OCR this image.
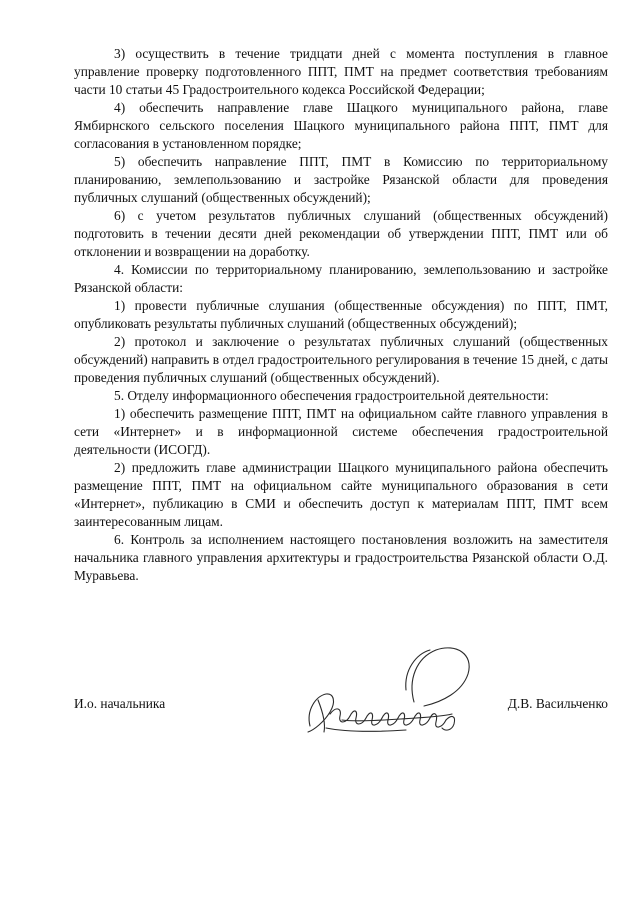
3) осуществить в течение тридцати дней с момента поступления в главное управление проверку подготовленного ППТ, ПМТ на предмет соответствия требованиям части 10 статьи 45 Градостроительного кодекса Российской Федерации;

4) обеспечить направление главе Шацкого муниципального района, главе Ямбирнского сельского поселения Шацкого муниципального района ППТ, ПМТ для согласования в установленном порядке;

5) обеспечить направление ППТ, ПМТ в Комиссию по территориальному планированию, землепользованию и застройке Рязанской области для проведения публичных слушаний (общественных обсуждений);

6) с учетом результатов публичных слушаний (общественных обсуждений) подготовить в течении десяти дней рекомендации об утверждении ППТ, ПМТ или об отклонении и возвращении на доработку.

4. Комиссии по территориальному планированию, землепользованию и застройке Рязанской области:

1) провести публичные слушания (общественные обсуждения) по ППТ, ПМТ, опубликовать результаты публичных слушаний (общественных обсуждений);

2) протокол и заключение о результатах публичных слушаний (общественных обсуждений) направить в отдел градостроительного регулирования в течение 15 дней, с даты проведения публичных слушаний (общественных обсуждений).

5. Отделу информационного обеспечения градостроительной деятельности:

1) обеспечить размещение ППТ, ПМТ на официальном сайте главного управления в сети «Интернет» и в информационной системе обеспечения градостроительной деятельности (ИСОГД).

2) предложить главе администрации Шацкого муниципального района обеспечить размещение ППТ, ПМТ на официальном сайте муниципального образования в сети «Интернет», публикацию в СМИ и обеспечить доступ к материалам ППТ, ПМТ всем заинтересованным лицам.

6. Контроль за исполнением настоящего постановления возложить на заместителя начальника главного управления архитектуры и градостроительства Рязанской области О.Д. Муравьева.

И.о. начальника	Д.В. Васильченко
